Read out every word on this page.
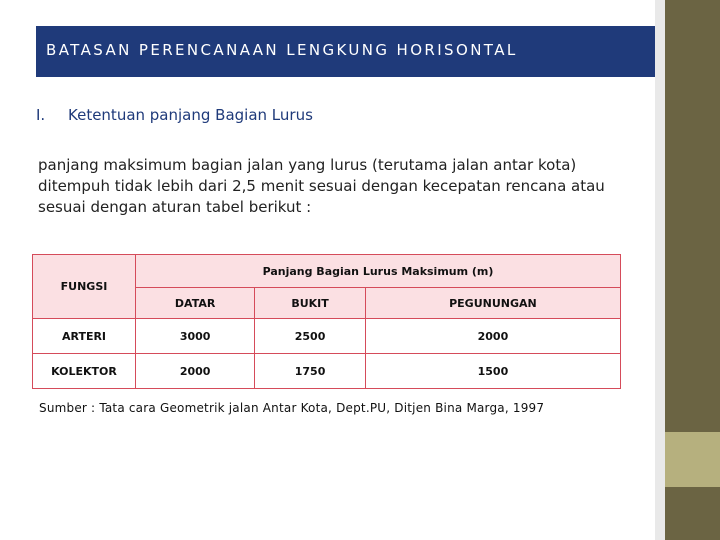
BATASAN PERENCANAAN LENGKUNG HORISONTAL
I. Ketentuan panjang Bagian Lurus
panjang maksimum bagian jalan yang lurus (terutama jalan antar kota) ditempuh tidak lebih dari 2,5 menit sesuai dengan kecepatan rencana atau sesuai dengan aturan tabel berikut :
FUNGSI	Panjang Bagian Lurus Maksimum (m)		
	DATAR	BUKIT	PEGUNUNGAN
ARTERI	3000	2500	2000
KOLEKTOR	2000	1750	1500
Sumber : Tata cara Geometrik jalan Antar Kota, Dept.PU, Ditjen Bina Marga, 1997
